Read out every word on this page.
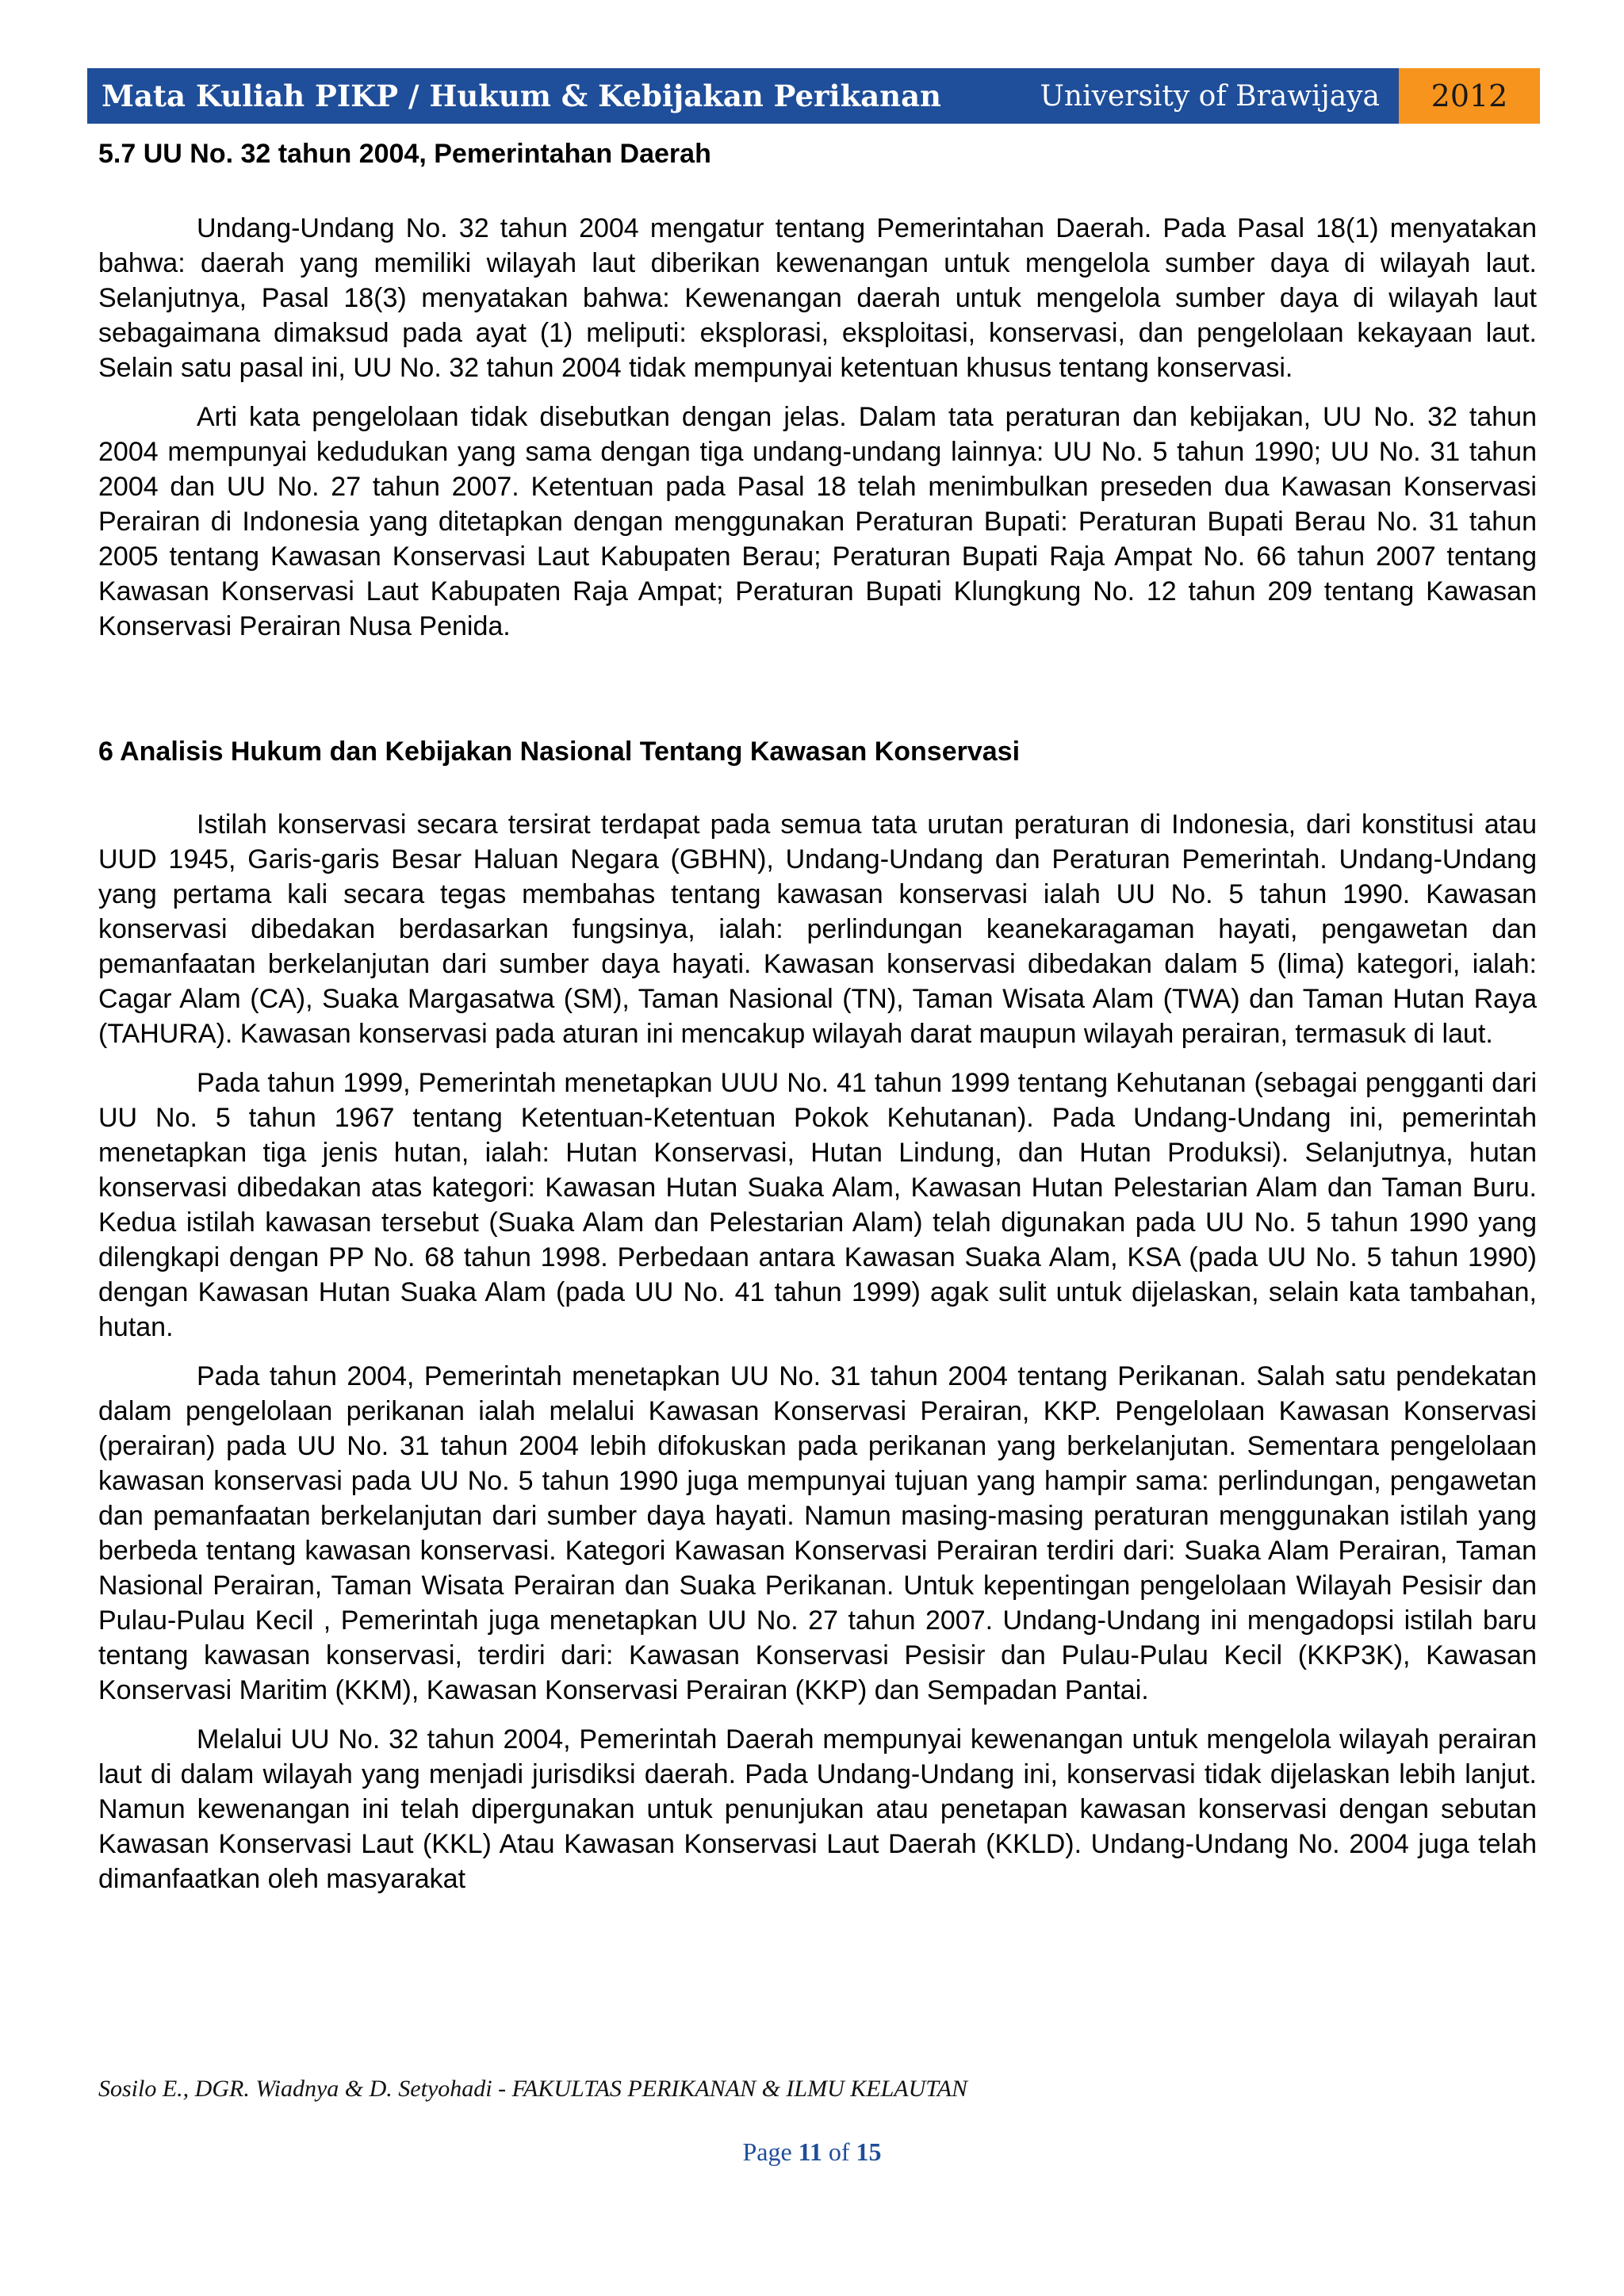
Mata Kuliah PIKP / Hukum & Kebijakan Perikanan	University of Brawijaya	2012
5.7 UU No. 32 tahun 2004, Pemerintahan Daerah

Undang-Undang No. 32 tahun 2004 mengatur tentang Pemerintahan Daerah. Pada Pasal 18(1) menyatakan bahwa: daerah yang memiliki wilayah laut diberikan kewenangan untuk mengelola sumber daya di wilayah laut. Selanjutnya, Pasal 18(3) menyatakan bahwa: Kewenangan daerah untuk mengelola sumber daya di wilayah laut sebagaimana dimaksud pada ayat (1) meliputi: eksplorasi, eksploitasi, konservasi, dan pengelolaan kekayaan laut. Selain satu pasal ini, UU No. 32 tahun 2004 tidak mempunyai ketentuan khusus tentang konservasi.

Arti kata pengelolaan tidak disebutkan dengan jelas. Dalam tata peraturan dan kebijakan, UU No. 32 tahun 2004 mempunyai kedudukan yang sama dengan tiga undang-undang lainnya: UU No. 5 tahun 1990; UU No. 31 tahun 2004 dan UU No. 27 tahun 2007. Ketentuan pada Pasal 18 telah menimbulkan preseden dua Kawasan Konservasi Perairan di Indonesia yang ditetapkan dengan menggunakan Peraturan Bupati: Peraturan Bupati Berau No. 31 tahun 2005 tentang Kawasan Konservasi Laut Kabupaten Berau; Peraturan Bupati Raja Ampat No. 66 tahun 2007 tentang Kawasan Konservasi Laut Kabupaten Raja Ampat; Peraturan Bupati Klungkung No. 12 tahun 209 tentang Kawasan Konservasi Perairan Nusa Penida.

6 Analisis Hukum dan Kebijakan Nasional Tentang Kawasan Konservasi

Istilah konservasi secara tersirat terdapat pada semua tata urutan peraturan di Indonesia, dari konstitusi atau UUD 1945, Garis-garis Besar Haluan Negara (GBHN), Undang-Undang dan Peraturan Pemerintah. Undang-Undang yang pertama kali secara tegas membahas tentang kawasan konservasi ialah UU No. 5 tahun 1990. Kawasan konservasi dibedakan berdasarkan fungsinya, ialah: perlindungan keanekaragaman hayati, pengawetan dan pemanfaatan berkelanjutan dari sumber daya hayati. Kawasan konservasi dibedakan dalam 5 (lima) kategori, ialah: Cagar Alam (CA), Suaka Margasatwa (SM), Taman Nasional (TN), Taman Wisata Alam (TWA) dan Taman Hutan Raya (TAHURA). Kawasan konservasi pada aturan ini mencakup wilayah darat maupun wilayah perairan, termasuk di laut.

Pada tahun 1999, Pemerintah menetapkan UUU No. 41 tahun 1999 tentang Kehutanan (sebagai pengganti dari UU No. 5 tahun 1967 tentang Ketentuan-Ketentuan Pokok Kehutanan). Pada Undang-Undang ini, pemerintah menetapkan tiga jenis hutan, ialah: Hutan Konservasi, Hutan Lindung, dan Hutan Produksi). Selanjutnya, hutan konservasi dibedakan atas kategori: Kawasan Hutan Suaka Alam, Kawasan Hutan Pelestarian Alam dan Taman Buru. Kedua istilah kawasan tersebut (Suaka Alam dan Pelestarian Alam) telah digunakan pada UU No. 5 tahun 1990 yang dilengkapi dengan PP No. 68 tahun 1998. Perbedaan antara Kawasan Suaka Alam, KSA (pada UU No. 5 tahun 1990) dengan Kawasan Hutan Suaka Alam (pada UU No. 41 tahun 1999) agak sulit untuk dijelaskan, selain kata tambahan, hutan.

Pada tahun 2004, Pemerintah menetapkan UU No. 31 tahun 2004 tentang Perikanan. Salah satu pendekatan dalam pengelolaan perikanan ialah melalui Kawasan Konservasi Perairan, KKP. Pengelolaan Kawasan Konservasi (perairan) pada UU No. 31 tahun 2004 lebih difokuskan pada perikanan yang berkelanjutan. Sementara pengelolaan kawasan konservasi pada UU No. 5 tahun 1990 juga mempunyai tujuan yang hampir sama: perlindungan, pengawetan dan pemanfaatan berkelanjutan dari sumber daya hayati. Namun masing-masing peraturan menggunakan istilah yang berbeda tentang kawasan konservasi. Kategori Kawasan Konservasi Perairan terdiri dari: Suaka Alam Perairan, Taman Nasional Perairan, Taman Wisata Perairan dan Suaka Perikanan. Untuk kepentingan pengelolaan Wilayah Pesisir dan Pulau-Pulau Kecil , Pemerintah juga menetapkan UU No. 27 tahun 2007. Undang-Undang ini mengadopsi istilah baru tentang kawasan konservasi, terdiri dari: Kawasan Konservasi Pesisir dan Pulau-Pulau Kecil (KKP3K), Kawasan Konservasi Maritim (KKM), Kawasan Konservasi Perairan (KKP) dan Sempadan Pantai.

Melalui UU No. 32 tahun 2004, Pemerintah Daerah mempunyai kewenangan untuk mengelola wilayah perairan laut di dalam wilayah yang menjadi jurisdiksi daerah. Pada Undang-Undang ini, konservasi tidak dijelaskan lebih lanjut. Namun kewenangan ini telah dipergunakan untuk penunjukan atau penetapan kawasan konservasi dengan sebutan Kawasan Konservasi Laut (KKL) Atau Kawasan Konservasi Laut Daerah (KKLD). Undang-Undang No. 2004 juga telah dimanfaatkan oleh masyarakat

Sosilo E., DGR. Wiadnya & D. Setyohadi - FAKULTAS PERIKANAN & ILMU KELAUTAN
Page 11 of 15
